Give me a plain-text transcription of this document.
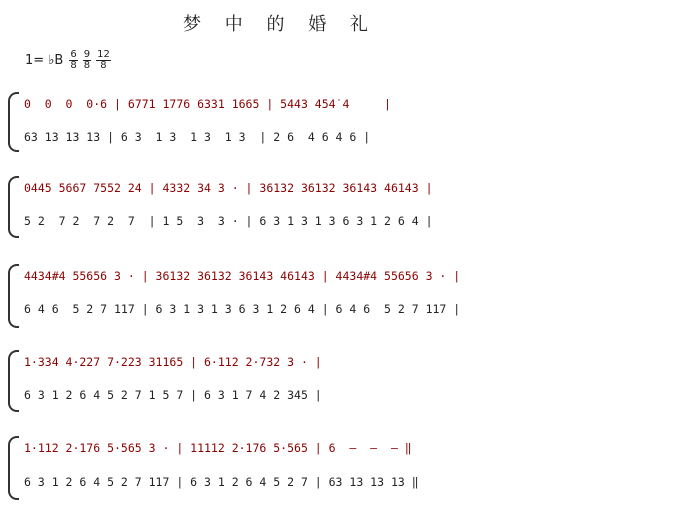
梦 中 的 婚 礼
1= ♭B $\frac{6}{8} \frac{9}{8} \frac{12}{8}$
0  0  0  0·6 | 6771 1776 6331 1665 | 5443 4̇54̇ 4     |
63 13 13 13 | 6 3  1 3  1 3  1 3  | 2 6  4 6 4 6 |
0445 5667 7552 24 | 4332 34 3 · | 36132 36132 36143 46143 |
5 2  7 2  7 2  7  | 1 5  3  3 · | 6 3 1 3 1 3 6 3 1 2 6 4 |
4434#4 55656 3 · | 36132 36132 36143 46143 | 4434#4 55656 3 · |
6 4 6  5 2 7 117 | 6 3 1 3 1 3 6 3 1 2 6 4 | 6 4 6  5 2 7 117 |
1·334 4·227 7·223 31165 | 6·112 2·732 3 · |
6 3 1 2 6 4 5 2 7 1 5 7 | 6 3 1 7 4 2 345 |
1·112 2·176 5·565 3 · | 11112 2·176 5·565 | 6  –  –  – ‖
6 3 1 2 6 4 5 2 7 117 | 6 3 1 2 6 4 5 2 7 | 63 13 13 13 ‖
